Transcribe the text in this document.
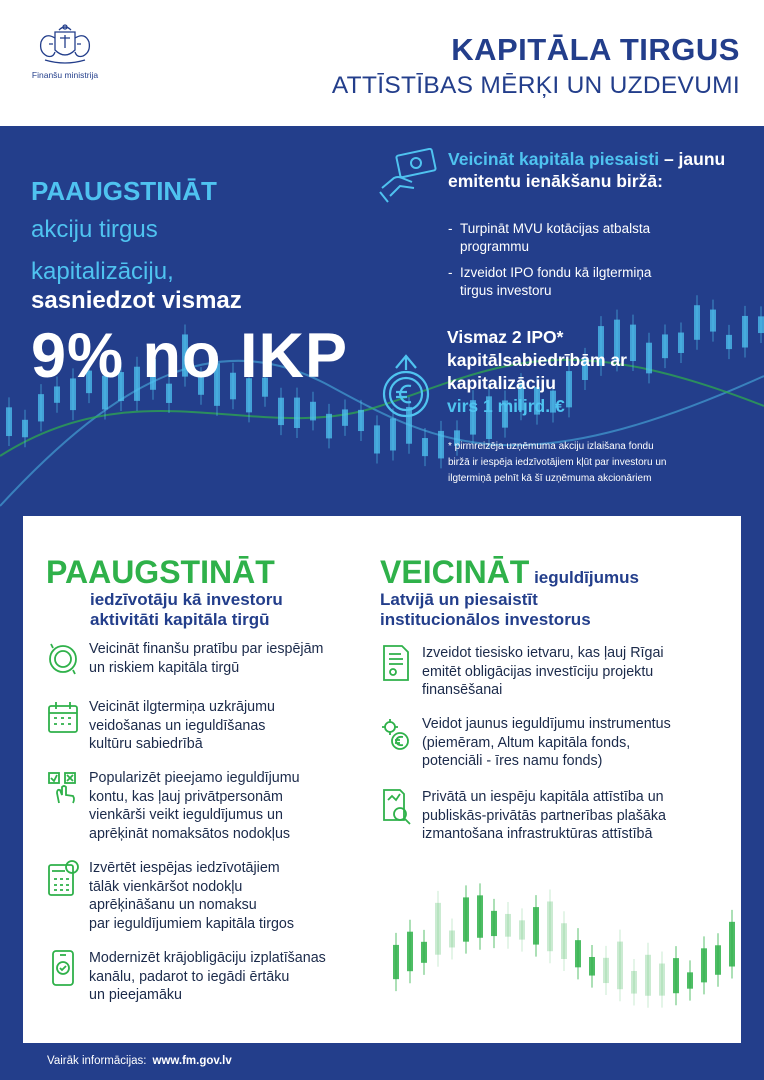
Finanšu ministrija
KAPITĀLA TIRGUS
ATTĪSTĪBAS MĒRĶI UN UZDEVUMI
PAAUGSTINĀT
akciju tirgus
kapitalizāciju,
sasniedzot vismaz
9% no IKP
Veicināt kapitāla piesaisti – jaunu emitentu ienākšanu biržā:
- Turpināt MVU kotācijas atbalsta
programmu
- Izveidot IPO fondu kā ilgtermiņa
tirgus investoru
Vismaz 2 IPO*
kapitālsabiedrībām ar
kapitalizāciju
virs 1 miljrd. €
* pirmreizēja uzņēmuma akciju izlaišana fondu
biržā ir iespēja iedzīvotājiem kļūt par investoru un
ilgtermiņā pelnīt kā šī uzņēmuma akcionāriem
PAAUGSTINĀT
iedzīvotāju kā investoru
aktivitāti kapitāla tirgū
VEICINĀT ieguldījumus
Latvijā un piesaistīt
institucionālos investorus
Veicināt finanšu pratību par iespējām
un riskiem kapitāla tirgū
Veicināt ilgtermiņa uzkrājumu
veidošanas un ieguldīšanas
kultūru sabiedrībā
Popularizēt pieejamo ieguldījumu
kontu, kas ļauj privātpersonām
vienkārši veikt ieguldījumus un
aprēķināt nomaksātos nodokļus
Izvērtēt iespējas iedzīvotājiem
tālāk vienkāršot nodokļu
aprēķināšanu un nomaksu
par ieguldījumiem kapitāla tirgos
Modernizēt krājobligāciju izplatīšanas
kanālu, padarot to iegādi ērtāku
un pieejamāku
Izveidot tiesisko ietvaru, kas ļauj Rīgai
emitēt obligācijas investīciju projektu
finansēšanai
Veidot jaunus ieguldījumu instrumentus
(piemēram, Altum kapitāla fonds,
potenciāli - īres namu fonds)
Privātā un iespēju kapitāla attīstība un
publiskās-privātās partnerības plašāka
izmantošana infrastruktūras attīstībā
Vairāk informācijas: www.fm.gov.lv
